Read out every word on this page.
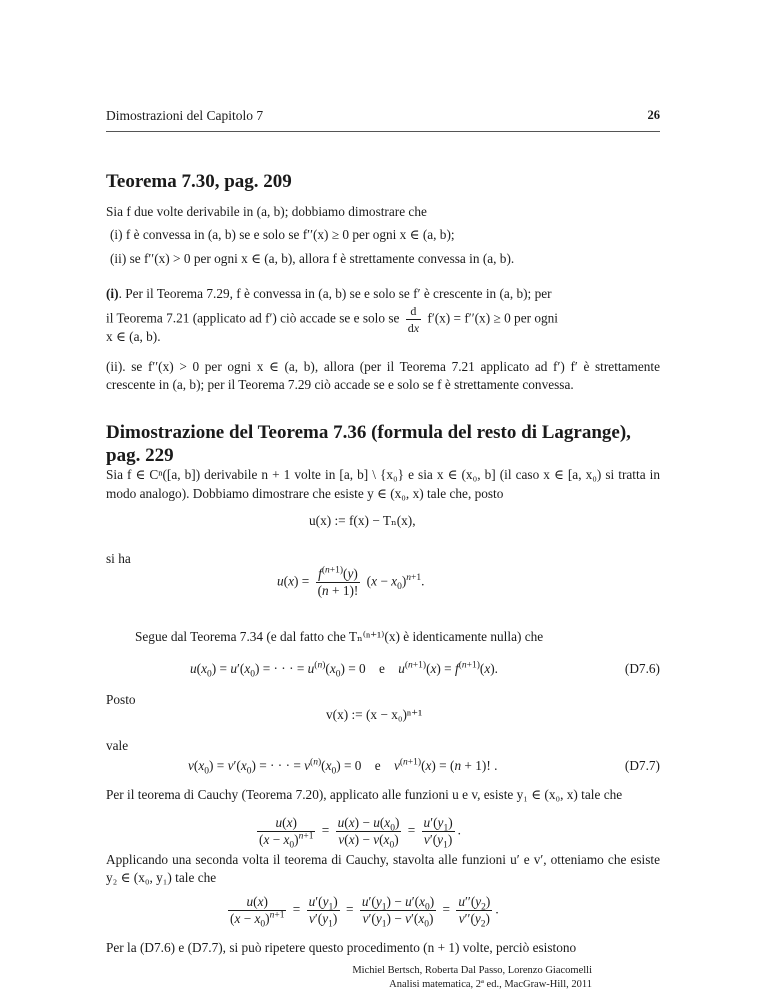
Dimostrazioni del Capitolo 7	26
Teorema 7.30, pag. 209
Sia f due volte derivabile in (a, b); dobbiamo dimostrare che
(i) f è convessa in (a, b) se e solo se f′′(x) ≥ 0 per ogni x ∈ (a, b);
(ii) se f′′(x) > 0 per ogni x ∈ (a, b), allora f è strettamente convessa in (a, b).
(i). Per il Teorema 7.29, f è convessa in (a, b) se e solo se f′ è crescente in (a, b); per
il Teorema 7.21 (applicato ad f′) ciò accade se e solo se $\frac{d}{dx} f'(x) = f''(x) \ge 0$ per ogni
x ∈ (a, b).
(ii). se f′′(x) > 0 per ogni x ∈ (a, b), allora (per il Teorema 7.21 applicato ad f′) f′ è strettamente crescente in (a, b); per il Teorema 7.29 ciò accade se e solo se f è strettamente convessa.
Dimostrazione del Teorema 7.36 (formula del resto di Lagrange), pag. 229
Sia f ∈ Cⁿ([a, b]) derivabile n + 1 volte in [a, b] \ {x₀} e sia x ∈ (x₀, b] (il caso x ∈ [a, x₀) si tratta in modo analogo). Dobbiamo dimostrare che esiste y ∈ (x₀, x) tale che, posto
u(x) := f(x) − Tₙ(x),
si ha
$u(x) = \frac{f^{(n+1)}(y)}{(n + 1)!} (x - x_0)^{n+1}$.
Segue dal Teorema 7.34 (e dal fatto che Tₙ⁽ⁿ⁺¹⁾(x) è identicamente nulla) che
$u(x_0) = u'(x_0)$ = · · · = $u^{(n)}(x_0) = 0$    e    $u^{(n+1)}(x) = f^{(n+1)}(x)$.	(D7.6)
Posto
v(x) := (x − x₀)ⁿ⁺¹
vale
$v(x_0) = v'(x_0)$ = · · · = $v^{(n)}(x_0) = 0$    e    $v^{(n+1)}(x) = (n + 1)$! .	(D7.7)
Per il teorema di Cauchy (Teorema 7.20), applicato alle funzioni u e v, esiste y₁ ∈ (x₀, x) tale che
$\frac{u(x)}{(x - x_0)^{n+1}} = \frac{u(x) - u(x_0)}{v(x) - v(x_0)} = \frac{u'(y_1)}{v'(y_1)}$ .
Applicando una seconda volta il teorema di Cauchy, stavolta alle funzioni u′ e v′, otteniamo che esiste y₂ ∈ (x₀, y₁) tale che
$\frac{u(x)}{(x - x_0)^{n+1}} = \frac{u'(y_1)}{v'(y_1)} = \frac{u'(y_1) - u'(x_0)}{v'(y_1) - v'(x_0)} = \frac{u''(y_2)}{v''(y_2)}$ .
Per la (D7.6) e (D7.7), si può ripetere questo procedimento (n + 1) volte, perciò esistono
Michiel Bertsch, Roberta Dal Passo, Lorenzo Giacomelli
Analisi matematica, 2ª ed., MacGraw-Hill, 2011
